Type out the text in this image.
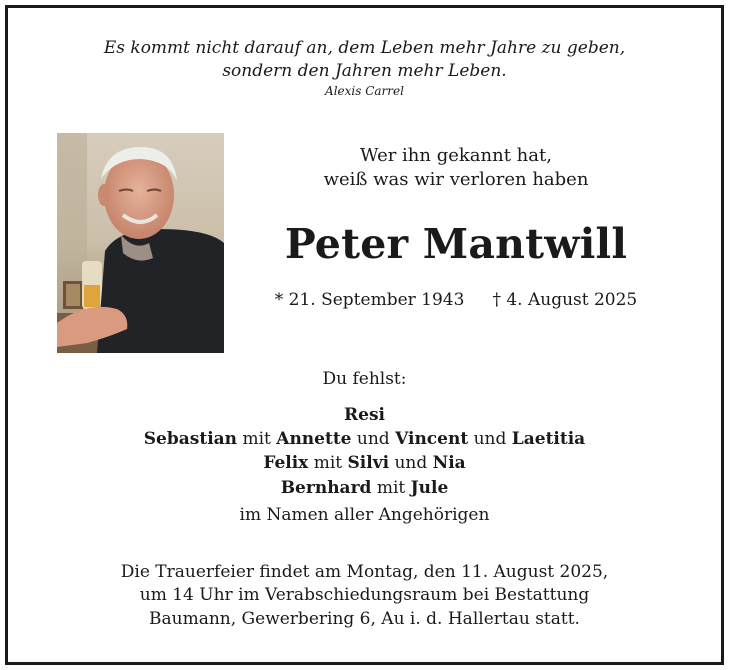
Es kommt nicht darauf an, dem Leben mehr Jahre zu geben,
sondern den Jahren mehr Leben.
Alexis Carrel
Wer ihn gekannt hat,
weiß was wir verloren haben
Peter Mantwill
* 21. September 1943 † 4. August 2025
Du fehlst:
Resi
Sebastian mit Annette und Vincent und Laetitia
Felix mit Silvi und Nia
Bernhard mit Jule
im Namen aller Angehörigen
Die Trauerfeier findet am Montag, den 11. August 2025,
um 14 Uhr im Verabschiedungsraum bei Bestattung
Baumann, Gewerbering 6, Au i. d. Hallertau statt.
